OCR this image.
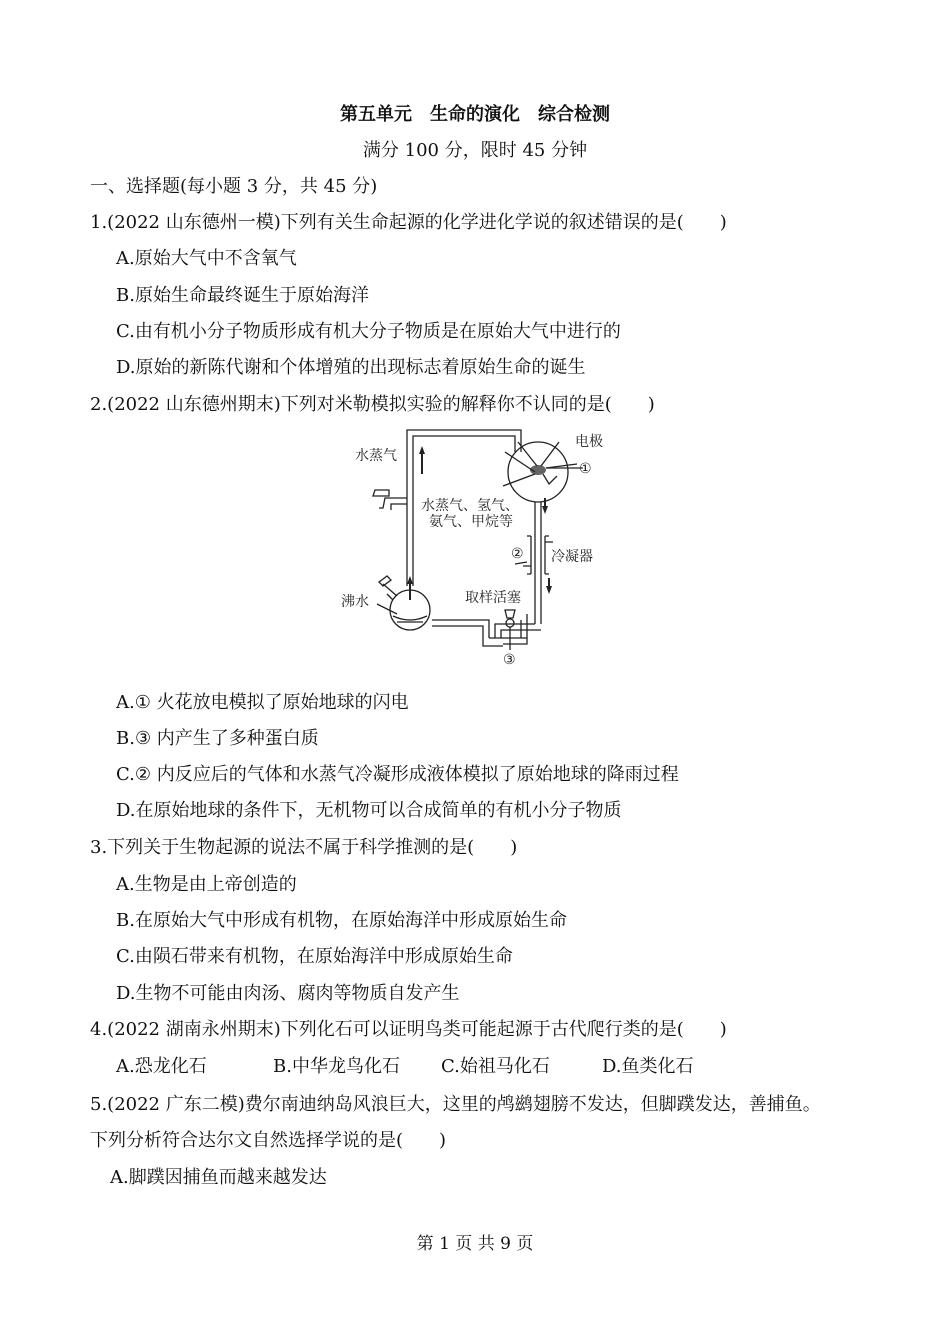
第五单元　生命的演化　综合检测
满分 100 分，限时 45 分钟
一、选择题(每小题 3 分，共 45 分)
1.(2022 山东德州一模)下列有关生命起源的化学进化学说的叙述错误的是(　　)
A.原始大气中不含氧气
B.原始生命最终诞生于原始海洋
C.由有机小分子物质形成有机大分子物质是在原始大气中进行的
D.原始的新陈代谢和个体增殖的出现标志着原始生命的诞生
2.(2022 山东德州期末)下列对米勒模拟实验的解释你不认同的是(　　)
水蒸气
电极
①
水蒸气、氢气、
氨气、甲烷等
② 冷凝器
取样活塞
沸水
③
A.① 火花放电模拟了原始地球的闪电
B.③ 内产生了多种蛋白质
C.② 内反应后的气体和水蒸气冷凝形成液体模拟了原始地球的降雨过程
D.在原始地球的条件下，无机物可以合成简单的有机小分子物质
3.下列关于生物起源的说法不属于科学推测的是(　　)
A.生物是由上帝创造的
B.在原始大气中形成有机物，在原始海洋中形成原始生命
C.由陨石带来有机物，在原始海洋中形成原始生命
D.生物不可能由肉汤、腐肉等物质自发产生
4.(2022 湖南永州期末)下列化石可以证明鸟类可能起源于古代爬行类的是(　　)
A.恐龙化石	B.中华龙鸟化石 C.始祖马化石	D.鱼类化石
5.(2022 广东二模)费尔南迪纳岛风浪巨大，这里的鸬鹚翅膀不发达，但脚蹼发达，善捕鱼。
下列分析符合达尔文自然选择学说的是(　　)
A.脚蹼因捕鱼而越来越发达
第 1 页 共 9 页
